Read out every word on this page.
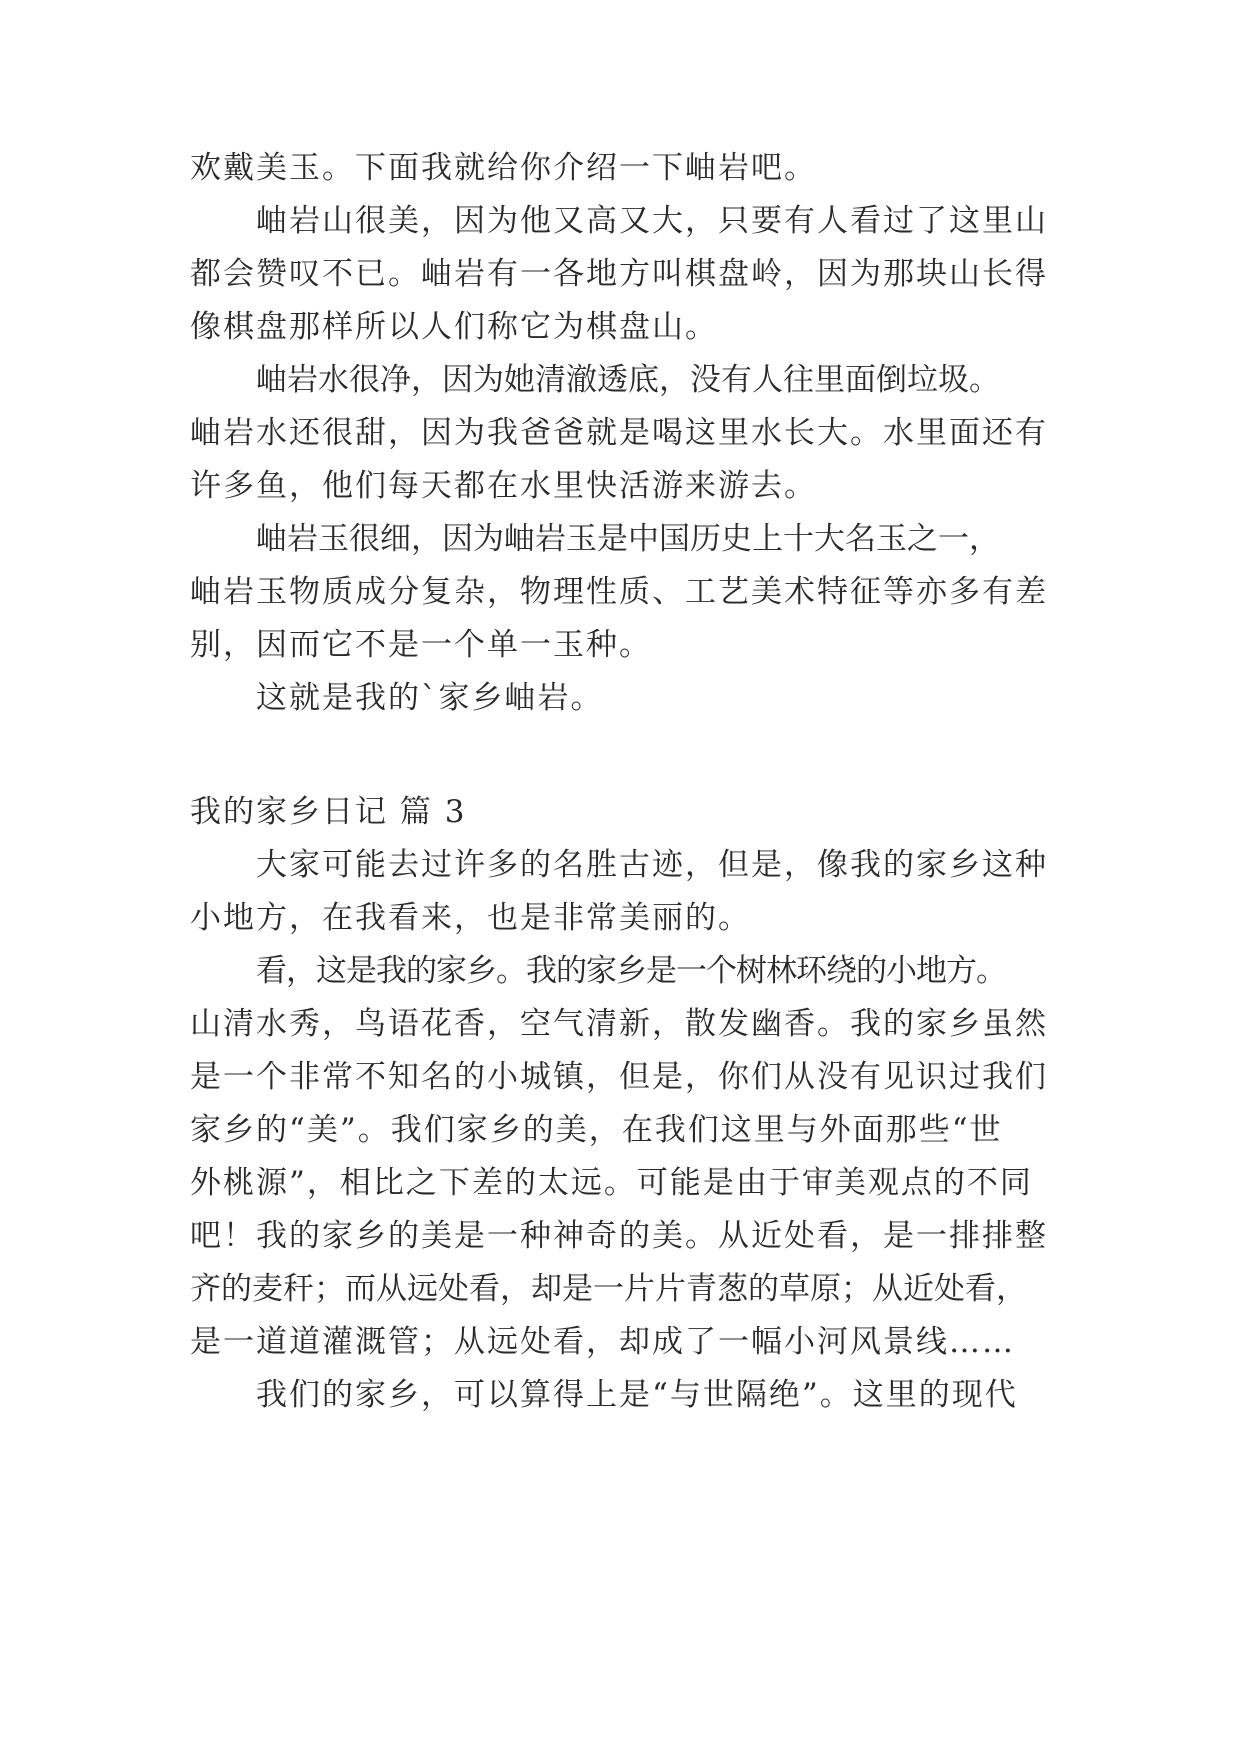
欢戴美玉。下面我就给你介绍一下岫岩吧。

岫岩山很美，因为他又高又大，只要有人看过了这里山

都会赞叹不已。岫岩有一各地方叫棋盘岭，因为那块山长得

像棋盘那样所以人们称它为棋盘山。

岫岩水很净，因为她清澈透底，没有人往里面倒垃圾。

岫岩水还很甜，因为我爸爸就是喝这里水长大。水里面还有

许多鱼，他们每天都在水里快活游来游去。

岫岩玉很细，因为岫岩玉是中国历史上十大名玉之一，

岫岩玉物质成分复杂，物理性质、工艺美术特征等亦多有差

别，因而它不是一个单一玉种。

这就是我的`家乡岫岩。

我的家乡日记 篇 3

大家可能去过许多的名胜古迹，但是，像我的家乡这种

小地方，在我看来，也是非常美丽的。

看，这是我的家乡。我的家乡是一个树林环绕的小地方。

山清水秀，鸟语花香，空气清新，散发幽香。我的家乡虽然

是一个非常不知名的小城镇，但是，你们从没有见识过我们

家乡的“美”。我们家乡的美，在我们这里与外面那些“世

外桃源”，相比之下差的太远。可能是由于审美观点的不同

吧！我的家乡的美是一种神奇的美。从近处看，是一排排整

齐的麦秆；而从远处看，却是一片片青葱的草原；从近处看，

是一道道灌溉管；从远处看，却成了一幅小河风景线……

我们的家乡，可以算得上是“与世隔绝”。这里的现代
